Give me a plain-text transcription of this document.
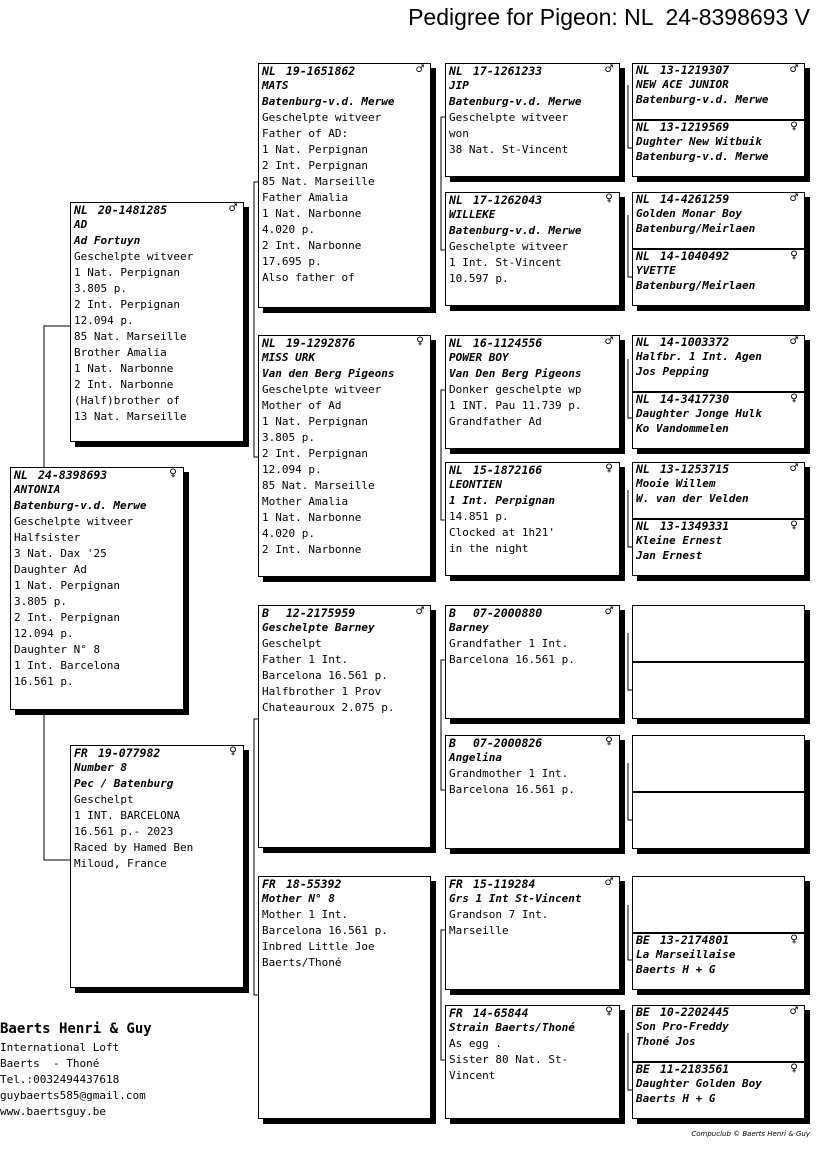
Pedigree for Pigeon: NL  24-8398693 V
NL 24-8398693	♀
ANTONIA
Batenburg-v.d. Merwe
Geschelpte witveer
Halfsister
3 Nat. Dax '25
Daughter Ad
1 Nat. Perpignan
3.805 p.
2 Int. Perpignan
12.094 p.
Daughter N° 8
1 Int. Barcelona
16.561 p.
NL 20-1481285	♂
AD
Ad Fortuyn
Geschelpte witveer
1 Nat. Perpignan
3.805 p.
2 Int. Perpignan
12.094 p.
85 Nat. Marseille
Brother Amalia
1 Nat. Narbonne
2 Int. Narbonne
(Half)brother of
13 Nat. Marseille
FR 19-077982	♀
Number 8
Pec / Batenburg
Geschelpt
1 INT. BARCELONA
16.561 p.- 2023
Raced by Hamed Ben
Miloud, France
NL 19-1651862	♂
MATS
Batenburg-v.d. Merwe
Geschelpte witveer
Father of AD:
1 Nat. Perpignan
2 Int. Perpignan
85 Nat. Marseille
Father Amalia
1 Nat. Narbonne
4.020 p.
2 Int. Narbonne
17.695 p.
Also father of
NL 19-1292876	♀
MISS URK
Van den Berg Pigeons
Geschelpte witveer
Mother of Ad
1 Nat. Perpignan
3.805 p.
2 Int. Perpignan
12.094 p.
85 Nat. Marseille
Mother Amalia
1 Nat. Narbonne
4.020 p.
2 Int. Narbonne
B 12-2175959	♂
Geschelpte Barney
Geschelpt
Father 1 Int.
Barcelona 16.561 p.
Halfbrother 1 Prov
Chateauroux 2.075 p.
FR 18-55392
Mother N° 8
Mother 1 Int.
Barcelona 16.561 p.
Inbred Little Joe
Baerts/Thoné
NL 17-1261233	♂
JIP
Batenburg-v.d. Merwe
Geschelpte witveer
won
38 Nat. St-Vincent
NL 17-1262043	♀
WILLEKE
Batenburg-v.d. Merwe
Geschelpte witveer
1 Int. St-Vincent
10.597 p.
NL 16-1124556	♂
POWER BOY
Van Den Berg Pigeons
Donker geschelpte wp
1 INT. Pau 11.739 p.
Grandfather Ad
NL 15-1872166	♀
LEONTIEN
1 Int. Perpignan
14.851 p.
Clocked at 1h21'
in the night
B 07-2000880	♂
Barney
Grandfather 1 Int.
Barcelona 16.561 p.
B 07-2000826	♀
Angelina
Grandmother 1 Int.
Barcelona 16.561 p.
FR 15-119284	♂
Grs 1 Int St-Vincent
Grandson 7 Int.
Marseille
FR 14-65844	♀
Strain Baerts/Thoné
As egg .
Sister 80 Nat. St-
Vincent
NL 13-1219307	♂
NEW ACE JUNIOR
Batenburg-v.d. Merwe
NL 13-1219569	♀
Dughter New Witbuik
Batenburg-v.d. Merwe
NL 14-4261259	♂
Golden Monar Boy
Batenburg/Meirlaen
NL 14-1040492	♀
YVETTE
Batenburg/Meirlaen
NL 14-1003372	♂
Halfbr. 1 Int. Agen
Jos Pepping
NL 14-3417730	♀
Daughter Jonge Hulk
Ko Vandommelen
NL 13-1253715	♂
Mooie Willem
W. van der Velden
NL 13-1349331	♀
Kleine Ernest
Jan Ernest
BE 13-2174801	♀
La Marseillaise
Baerts H + G
BE 10-2202445	♂
Son Pro-Freddy
Thoné Jos
BE 11-2183561	♀
Daughter Golden Boy
Baerts H + G
Baerts Henri & Guy
International Loft
Baerts  - Thoné
Tel.:0032494437618
guybaerts585@gmail.com
www.baertsguy.be
Compuclub © Baerts Henri & Guy
